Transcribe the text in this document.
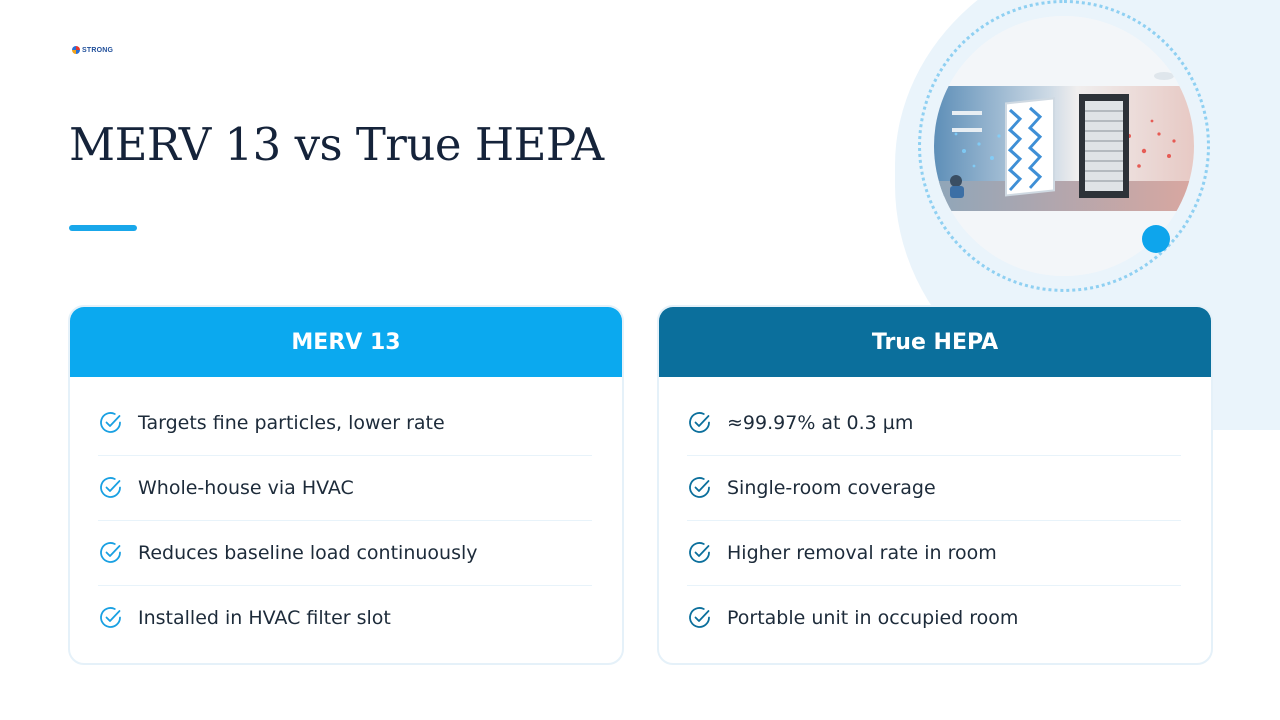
STRONG
MERV 13 vs True HEPA
MERV 13
Targets fine particles, lower rate
Whole-house via HVAC
Reduces baseline load continuously
Installed in HVAC filter slot
True HEPA
≈99.97% at 0.3 µm
Single-room coverage
Higher removal rate in room
Portable unit in occupied room
